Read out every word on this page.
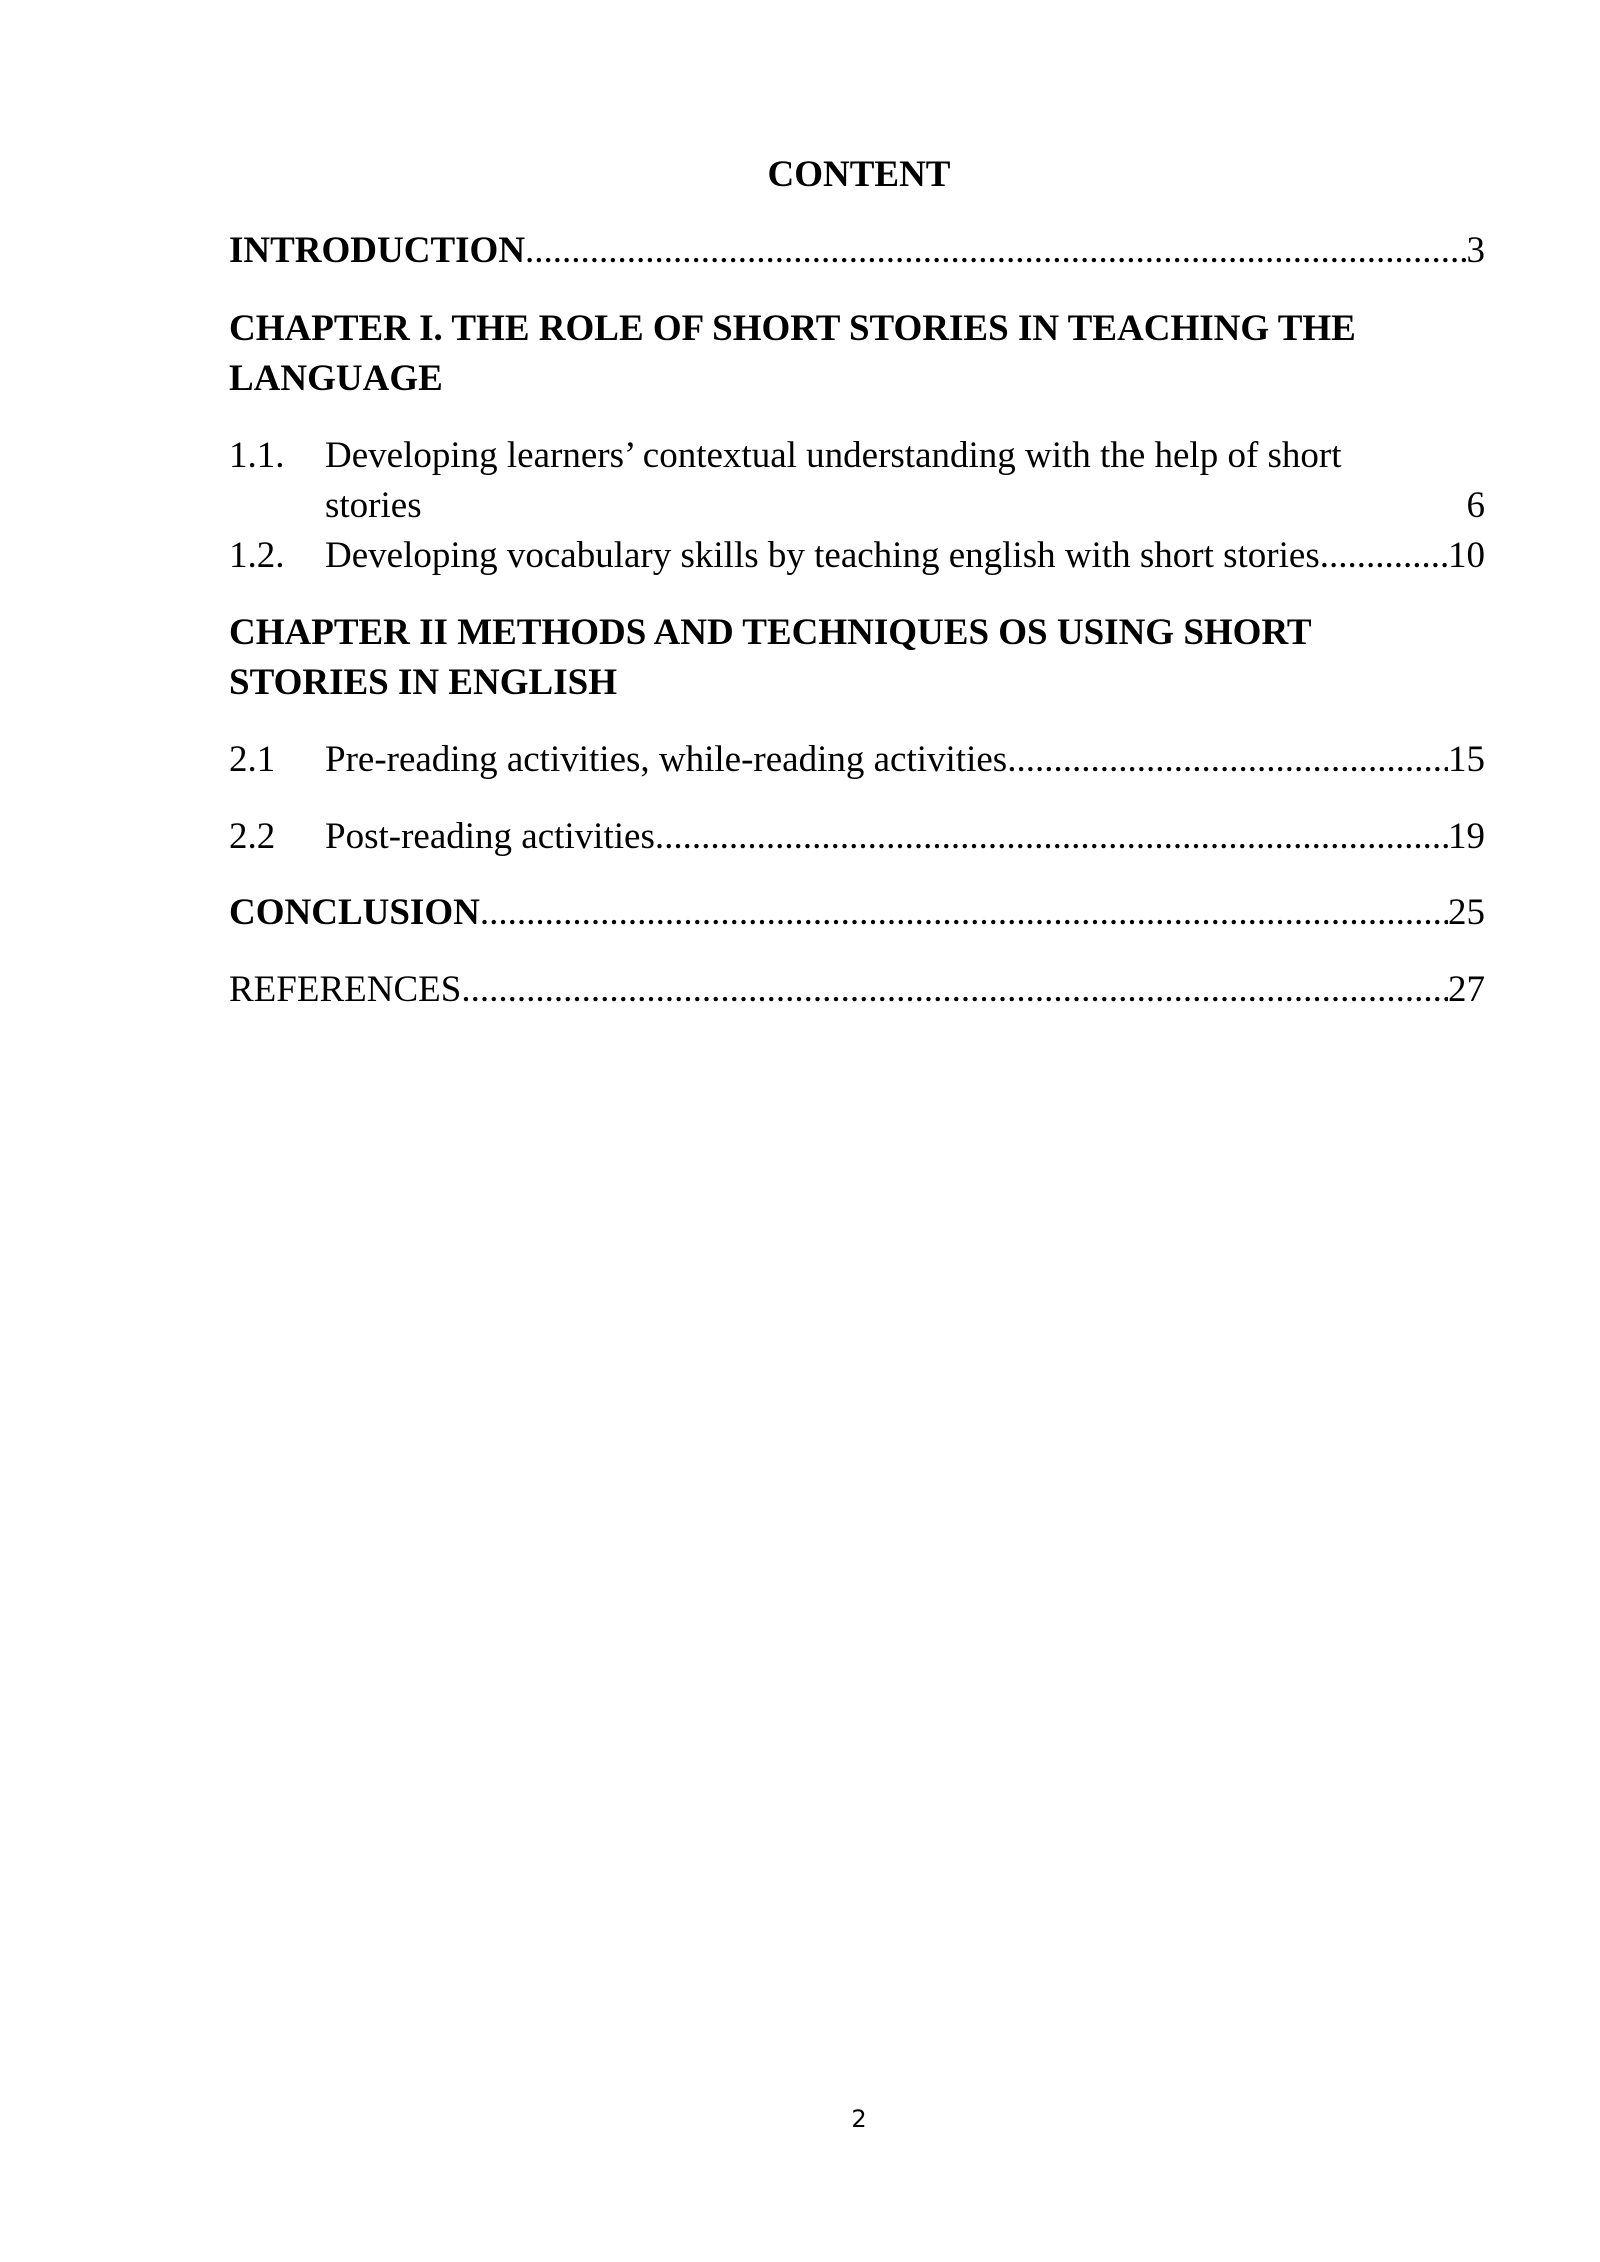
CONTENT
INTRODUCTION .....	3
CHAPTER I. THE ROLE OF SHORT STORIES IN TEACHING THE
LANGUAGE
1.1.	Developing learners’ contextual understanding with the help of short
stories	6
1.2.	Developing vocabulary skills by teaching english with short stories .....	10
CHAPTER II METHODS AND TECHNIQUES OS USING SHORT
STORIES IN ENGLISH
2.1	Pre-reading activities, while-reading activities .....	15
2.2	Post-reading activities .....	19
CONCLUSION .....	25
REFERENCES .....	27
2
